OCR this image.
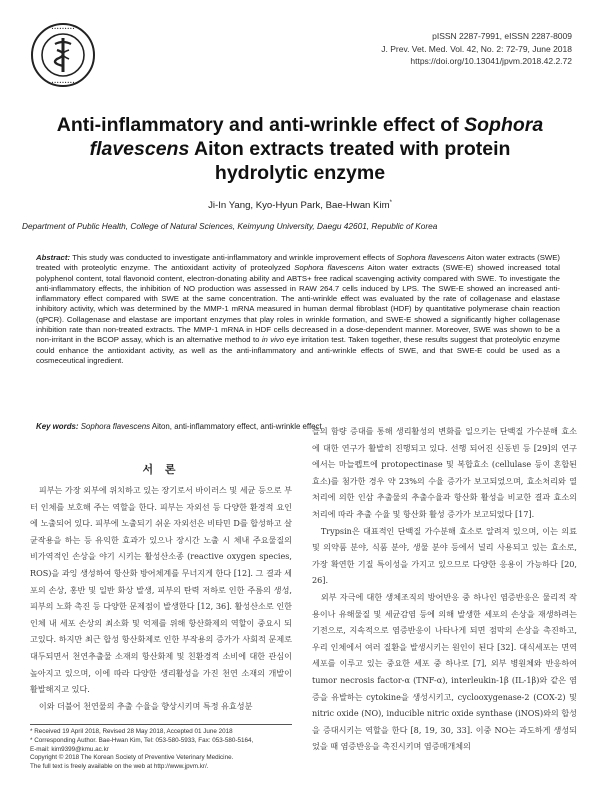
• • • • • • • • •
• • • • • • • • •
pISSN 2287-7991, eISSN 2287-8009
J. Prev. Vet. Med. Vol. 42, No. 2: 72-79, June 2018
https://doi.org/10.13041/jpvm.2018.42.2.72
Anti-inflammatory and anti-wrinkle effect of Sophora flavescens Aiton extracts treated with protein hydrolytic enzyme
Ji-In Yang, Kyo-Hyun Park, Bae-Hwan Kim*
Department of Public Health, College of Natural Sciences, Keimyung University, Daegu 42601, Republic of Korea
Abstract: This study was conducted to investigate anti-inflammatory and wrinkle improvement effects of Sophora flavescens Aiton water extracts (SWE) treated with proteolytic enzyme. The antioxidant activity of proteolyzed Sophora flavescens Aiton water extracts (SWE-E) showed increased total polyphenol content, total flavonoid content, electron-donating ability and ABTS+ free radical scavenging activity compared with SWE. To investigate the anti-inflammatory effects, the inhibition of NO production was assessed in RAW 264.7 cells induced by LPS. The SWE-E showed an increased anti-inflammatory effect compared with SWE at the same concentration. The anti-wrinkle effect was evaluated by the rate of collagenase and elastase inhibitory activity, which was determined by the MMP-1 mRNA measured in human dermal fibroblast (HDF) by quantitative polymerase chain reaction (qPCR). Collagenase and elastase are important enzymes that play roles in wrinkle formation, and SWE-E showed a significantly higher collagenase inhibition rate than non-treated extracts. The MMP-1 mRNA in HDF cells decreased in a dose-dependent manner. Moreover, SWE was shown to be a non-irritant in the BCOP assay, which is an alternative method to in vivo eye irritation test. Taken together, these results suggest that proteolytic enzyme could enhance the antioxidant activity, as well as the anti-inflammatory and anti-wrinkle effects of SWE, and that SWE-E could be used as a cosmeceutical ingredient.
Key words: Sophora flavescens Aiton, anti-inflammatory effect, anti-wrinkle effect
서 론

피부는 가장 외부에 위치하고 있는 장기로서 바이러스 및 세균 등으로 부터 인체를 보호해 주는 역할을 한다. 피부는 자외선 등 다양한 환경적 요인에 노출되어 있다. 피부에 노출되기 쉬운 자외선은 비타민 D를 합성하고 살균작용을 하는 등 유익한 효과가 있으나 장시간 노출 시 체내 주요물질의 비가역적인 손상을 야기 시키는 활성산소종 (reactive oxygen species, ROS)을 과잉 생성하여 항산화 방어체계를 무너지게 한다 [12]. 그 결과 세포의 손상, 홍반 및 일반 화상 발생, 피부의 탄력 저하로 인한 주름의 생성, 피부의 노화 촉진 등 다양한 문제점이 발생한다 [12, 36]. 활성산소로 인한 인체 내 세포 손상의 최소화 및 억제를 위해 항산화제의 역할이 중요시 되고있다. 하지만 최근 합성 항산화제로 인한 부작용의 증가가 사회적 문제로 대두되면서 천연추출물 소재의 항산화제 및 친환경적 소비에 대한 관심이 높아지고 있으며, 이에 따라 다양한 생리활성을 가진 천연 소재의 개발이 활발해지고 있다.

이와 더불어 천연물의 추출 수율을 향상시키며 특정 유효성분

들의 함량 증대를 통해 생리활성의 변화를 일으키는 단백질 가수분해 효소에 대한 연구가 활발히 진행되고 있다. 선행 되어진 신동빈 등 [29]의 연구에서는 마늘펩트에 protopectinase 및 복합효소 (cellulase 등이 혼합된 효소)를 첨가한 경우 약 23%의 수율 증가가 보고되었으며, 효소처리와 열처리에 의한 인삼 추출물의 추출수율과 항산화 활성을 비교한 결과 효소의 처리에 따라 추출 수율 및 항산화 활성 증가가 보고되었다 [17].

Trypsin은 대표적인 단백질 가수분해 효소로 알려져 있으며, 이는 의료 및 의약품 분야, 식품 분야, 생물 분야 등에서 널리 사용되고 있는 효소로, 가장 확연한 기질 특이성을 가지고 있으므로 다양한 응용이 가능하다 [20, 26].

외부 자극에 대한 생체조직의 방어반응 중 하나인 염증반응은 물리적 작용이나 유해물질 및 세균감염 등에 의해 발생한 세포의 손상을 재생하려는 기전으로, 지속적으로 염증반응이 나타나게 되면 점막의 손상을 촉진하고, 우리 인체에서 여러 질환을 발생시키는 원인이 된다 [32]. 대식세포는 면역세포를 이루고 있는 중요한 세포 중 하나로 [7], 외부 병원체와 반응하여 tumor necrosis factor-α (TNF-α), interleukin-1β (IL-1β)와 같은 염증을 유발하는 cytokine을 생성시키고, cyclooxygenase-2 (COX-2) 및 nitric oxide (NO), inducible nitric oxide synthase (iNOS)와의 합성을 증대시키는 역할을 한다 [8, 19, 30, 33]. 이중 NO는 과도하게 생성되었을 때 염증반응을 촉진시키며 염증매개체의

* Received 19 April 2018, Revised 28 May 2018, Accepted 01 June 2018
* Corresponding Author. Bae-Hwan Kim, Tel: 053-580-5933, Fax: 053-580-5164,
E-mail: kim9399@kmu.ac.kr
Copyright © 2018 The Korean Society of Preventive Veterinary Medicine.
The full text is freely available on the web at http://www.jpvm.kr/.
